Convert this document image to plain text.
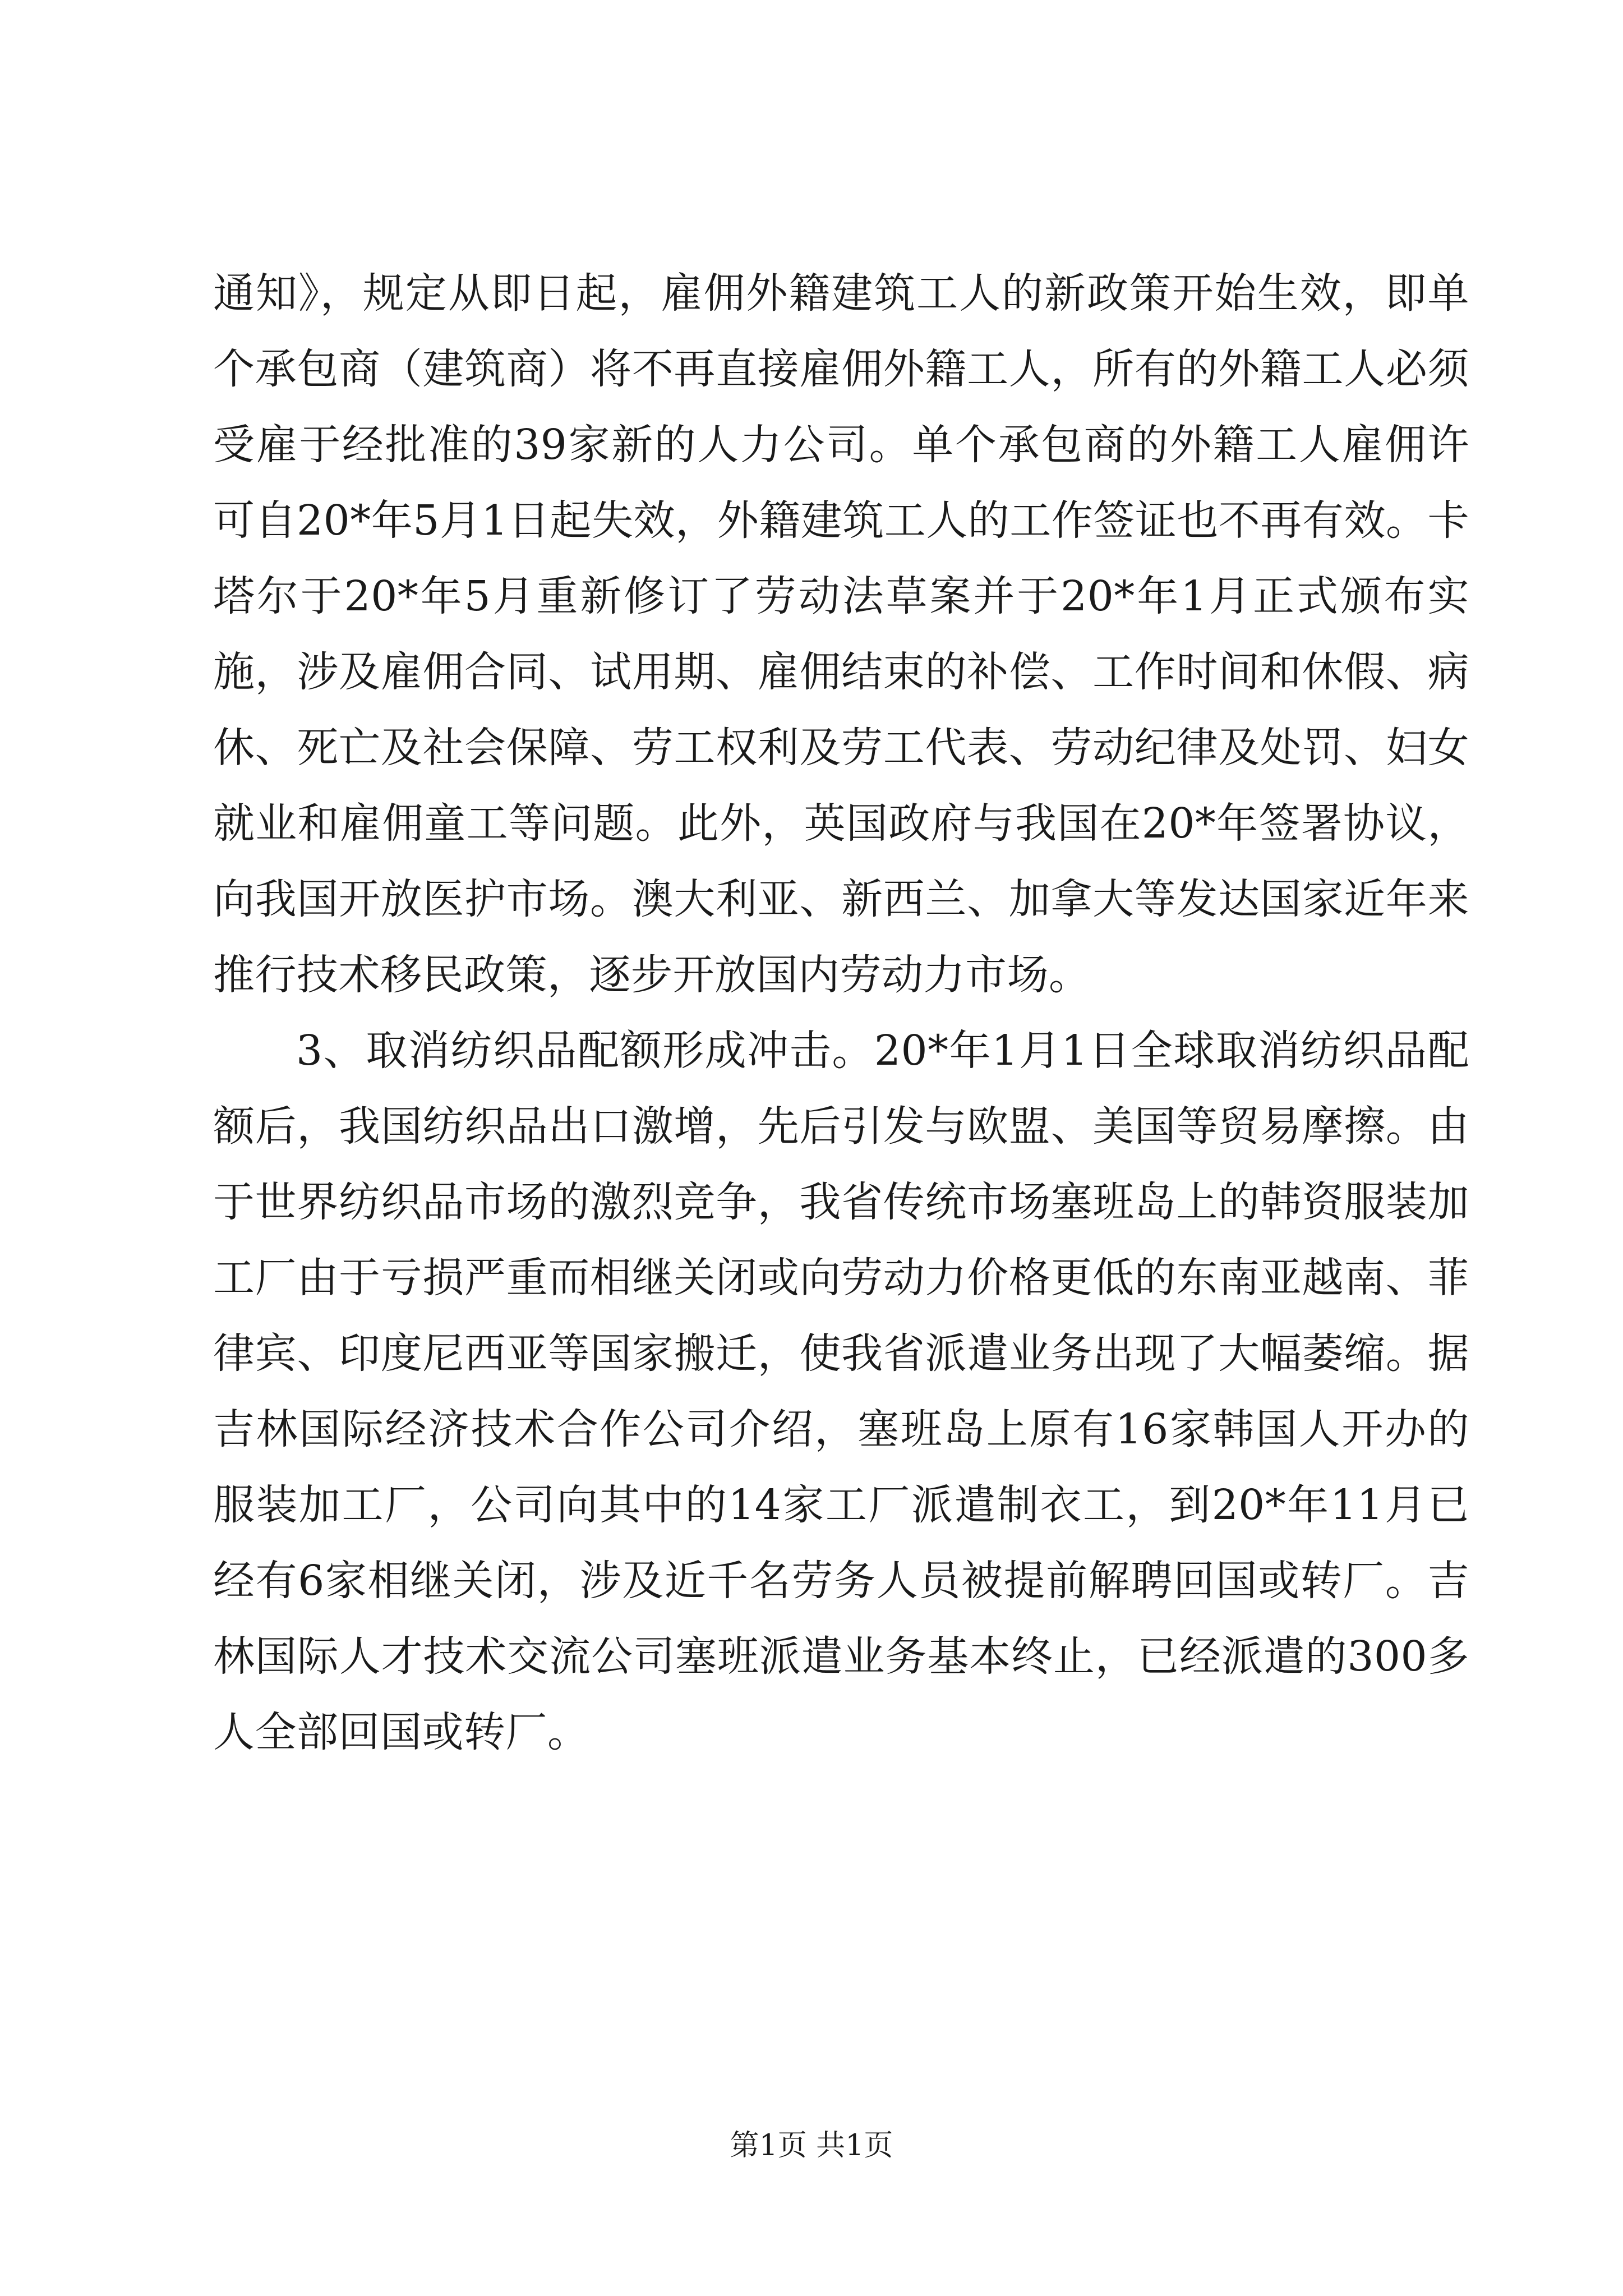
通知》，规定从即日起，雇佣外籍建筑工人的新政策开始生效，即单个承包商（建筑商）将不再直接雇佣外籍工人，所有的外籍工人必须受雇于经批准的39家新的人力公司。单个承包商的外籍工人雇佣许可自20*年5月1日起失效，外籍建筑工人的工作签证也不再有效。卡塔尔于20*年5月重新修订了劳动法草案并于20*年1月正式颁布实施，涉及雇佣合同、试用期、雇佣结束的补偿、工作时间和休假、病休、死亡及社会保障、劳工权利及劳工代表、劳动纪律及处罚、妇女就业和雇佣童工等问题。此外，英国政府与我国在20*年签署协议，向我国开放医护市场。澳大利亚、新西兰、加拿大等发达国家近年来推行技术移民政策，逐步开放国内劳动力市场。

3、取消纺织品配额形成冲击。20*年1月1日全球取消纺织品配额后，我国纺织品出口激增，先后引发与欧盟、美国等贸易摩擦。由于世界纺织品市场的激烈竞争，我省传统市场塞班岛上的韩资服装加工厂由于亏损严重而相继关闭或向劳动力价格更低的东南亚越南、菲律宾、印度尼西亚等国家搬迁，使我省派遣业务出现了大幅萎缩。据吉林国际经济技术合作公司介绍，塞班岛上原有16家韩国人开办的服装加工厂，公司向其中的14家工厂派遣制衣工，到20*年11月已经有6家相继关闭，涉及近千名劳务人员被提前解聘回国或转厂。吉林国际人才技术交流公司塞班派遣业务基本终止，已经派遣的300多人全部回国或转厂。

第1页 共1页
